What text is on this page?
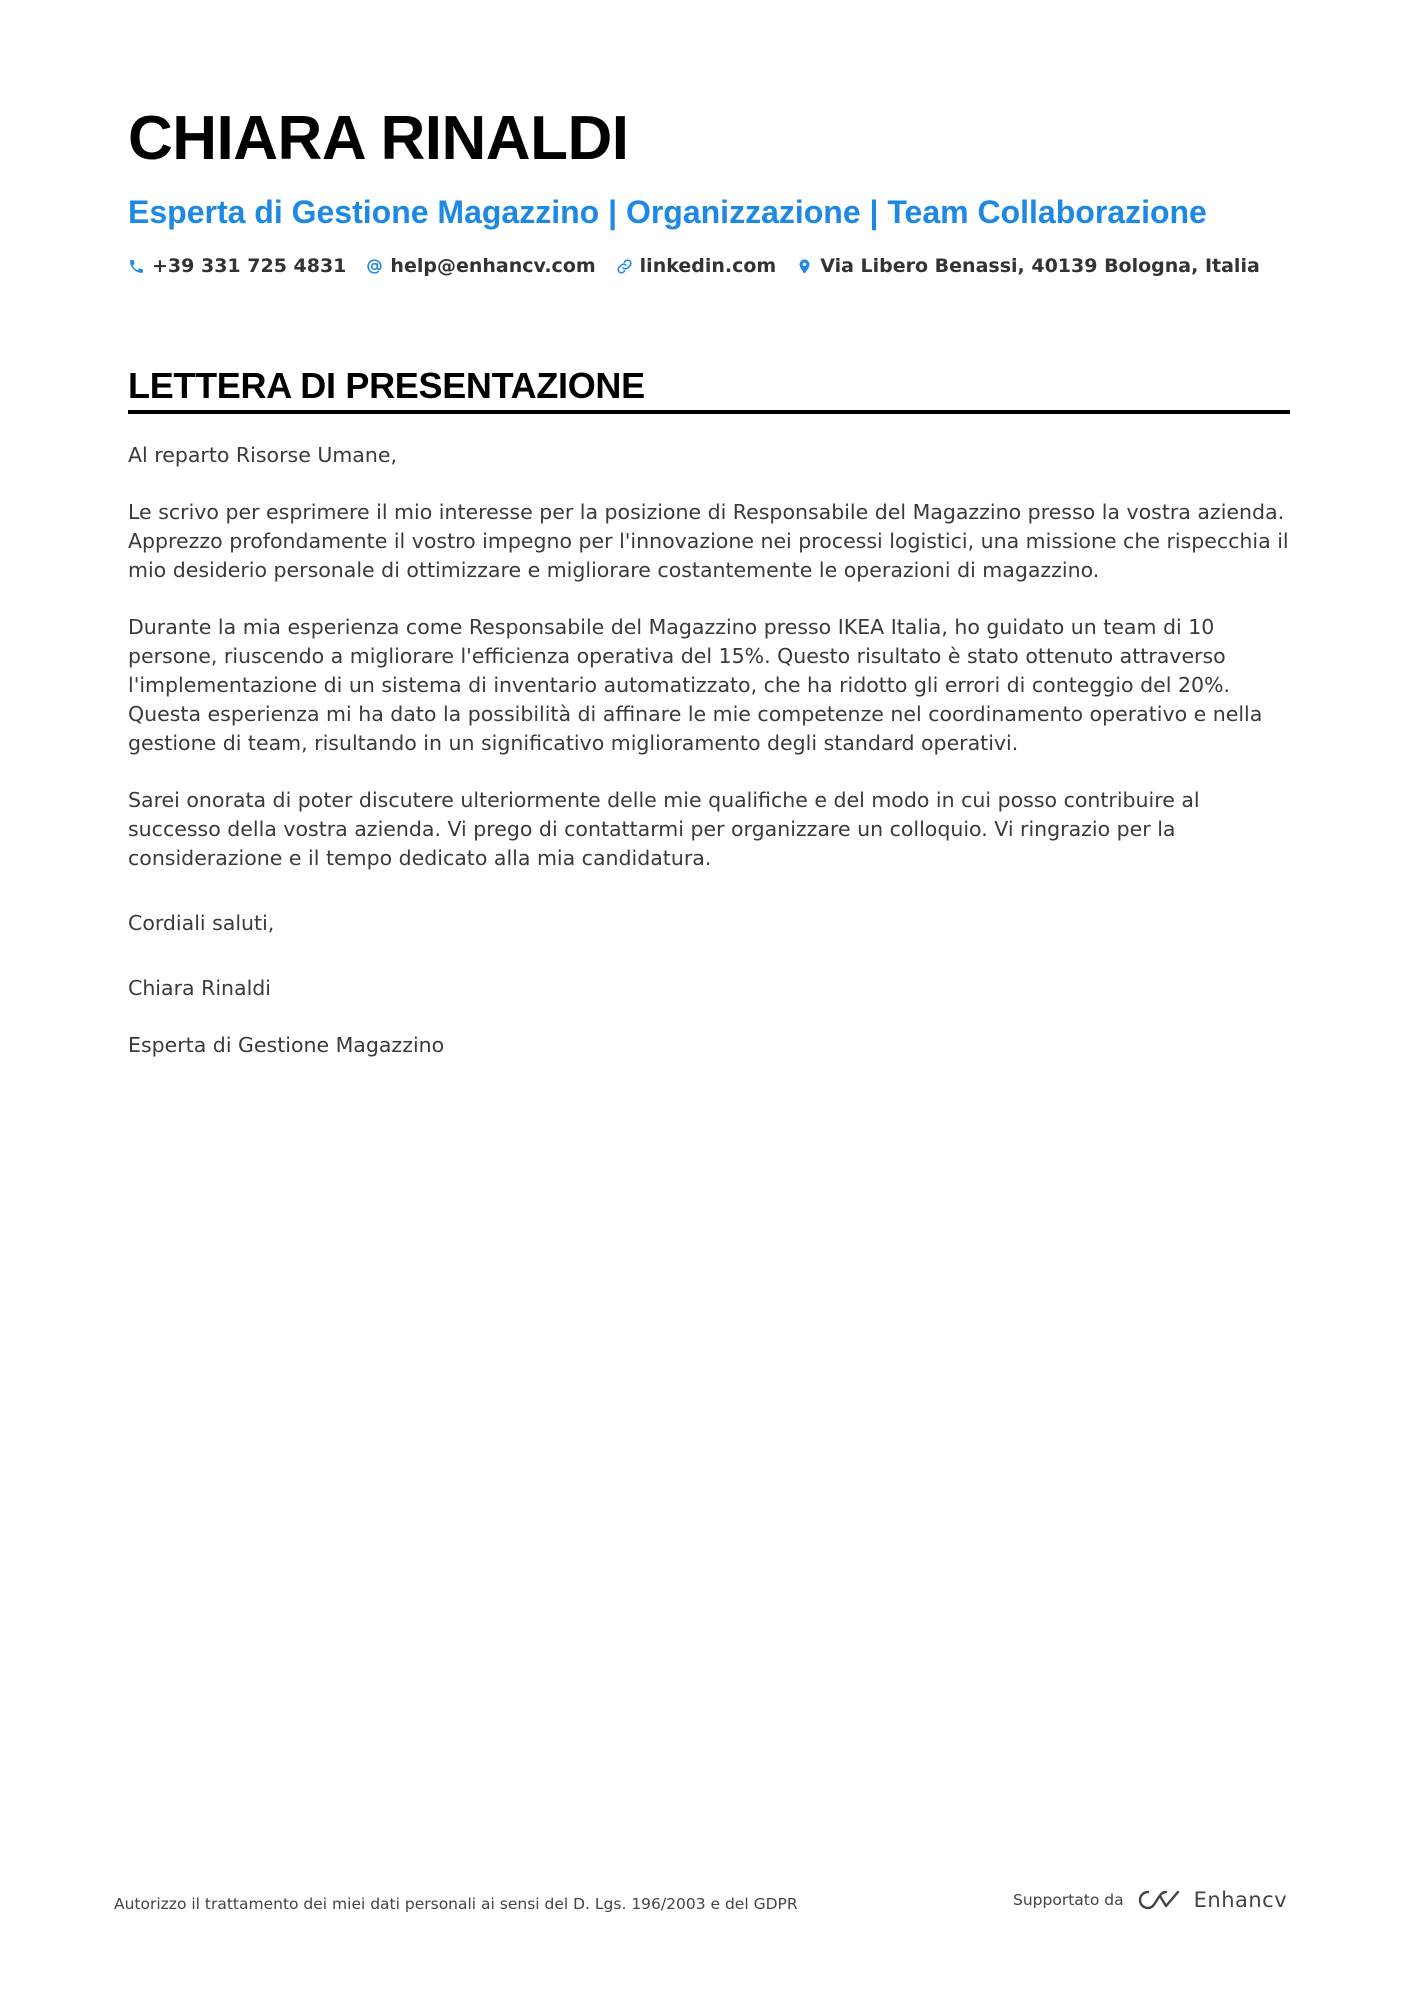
CHIARA RINALDI
Esperta di Gestione Magazzino | Organizzazione | Team Collaborazione
+39 331 725 4831 help@enhancv.com linkedin.com Via Libero Benassi, 40139 Bologna, Italia
LETTERA DI PRESENTAZIONE

Al reparto Risorse Umane,

Le scrivo per esprimere il mio interesse per la posizione di Responsabile del Magazzino presso la vostra azienda. Apprezzo profondamente il vostro impegno per l'innovazione nei processi logistici, una missione che rispecchia il mio desiderio personale di ottimizzare e migliorare costantemente le operazioni di magazzino.

Durante la mia esperienza come Responsabile del Magazzino presso IKEA Italia, ho guidato un team di 10 persone, riuscendo a migliorare l'efficienza operativa del 15%. Questo risultato è stato ottenuto attraverso l'implementazione di un sistema di inventario automatizzato, che ha ridotto gli errori di conteggio del 20%. Questa esperienza mi ha dato la possibilità di affinare le mie competenze nel coordinamento operativo e nella gestione di team, risultando in un significativo miglioramento degli standard operativi.

Sarei onorata di poter discutere ulteriormente delle mie qualifiche e del modo in cui posso contribuire al successo della vostra azienda. Vi prego di contattarmi per organizzare un colloquio. Vi ringrazio per la considerazione e il tempo dedicato alla mia candidatura.

Cordiali saluti,

Chiara Rinaldi

Esperta di Gestione Magazzino

Autorizzo il trattamento dei miei dati personali ai sensi del D. Lgs. 196/2003 e del GDPR	Supportato da	Enhancv
